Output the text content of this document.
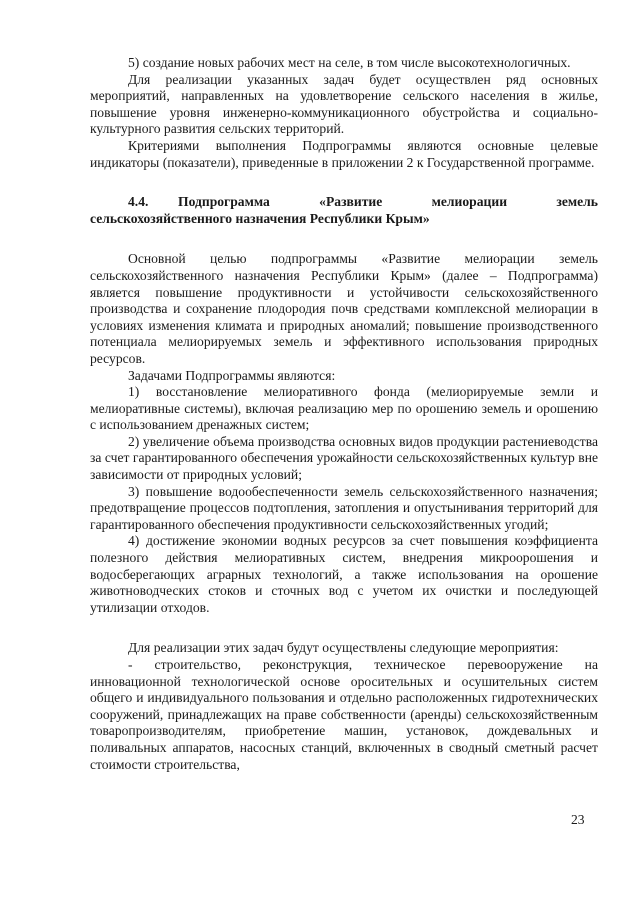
5) создание новых рабочих мест на селе, в том числе высокотехнологичных.

Для реализации указанных задач будет осуществлен ряд основных мероприятий, направленных на удовлетворение сельского населения в жилье, повышение уровня инженерно-коммуникационного обустройства и социально-культурного развития сельских территорий.

Критериями выполнения Подпрограммы являются основные целевые индикаторы (показатели), приведенные в приложении 2 к Государственной программе.

4.4. Подпрограмма «Развитие мелиорации земель сельскохозяйственного назначения Республики Крым»

Основной целью подпрограммы «Развитие мелиорации земель сельскохозяйственного назначения Республики Крым» (далее – Подпрограмма) является повышение продуктивности и устойчивости сельскохозяйственного производства и сохранение плодородия почв средствами комплексной мелиорации в условиях изменения климата и природных аномалий; повышение производственного потенциала мелиорируемых земель и эффективного использования природных ресурсов.

Задачами Подпрограммы являются:

1) восстановление мелиоративного фонда (мелиорируемые земли и мелиоративные системы), включая реализацию мер по орошению земель и орошению с использованием дренажных систем;

2) увеличение объема производства основных видов продукции растениеводства за счет гарантированного обеспечения урожайности сельскохозяйственных культур вне зависимости от природных условий;

3) повышение водообеспеченности земель сельскохозяйственного назначения; предотвращение процессов подтопления, затопления и опустынивания территорий для гарантированного обеспечения продуктивности сельскохозяйственных угодий;

4) достижение экономии водных ресурсов за счет повышения коэффициента полезного действия мелиоративных систем, внедрения микроорошения и водосберегающих аграрных технологий, а также использования на орошение животноводческих стоков и сточных вод с учетом их очистки и последующей утилизации отходов.

Для реализации этих задач будут осуществлены следующие мероприятия:

- строительство, реконструкция, техническое перевооружение на инновационной технологической основе оросительных и осушительных систем общего и индивидуального пользования и отдельно расположенных гидротехнических сооружений, принадлежащих на праве собственности (аренды) сельскохозяйственным товаропроизводителям, приобретение машин, установок, дождевальных и поливальных аппаратов, насосных станций, включенных в сводный сметный расчет стоимости строительства,

23
